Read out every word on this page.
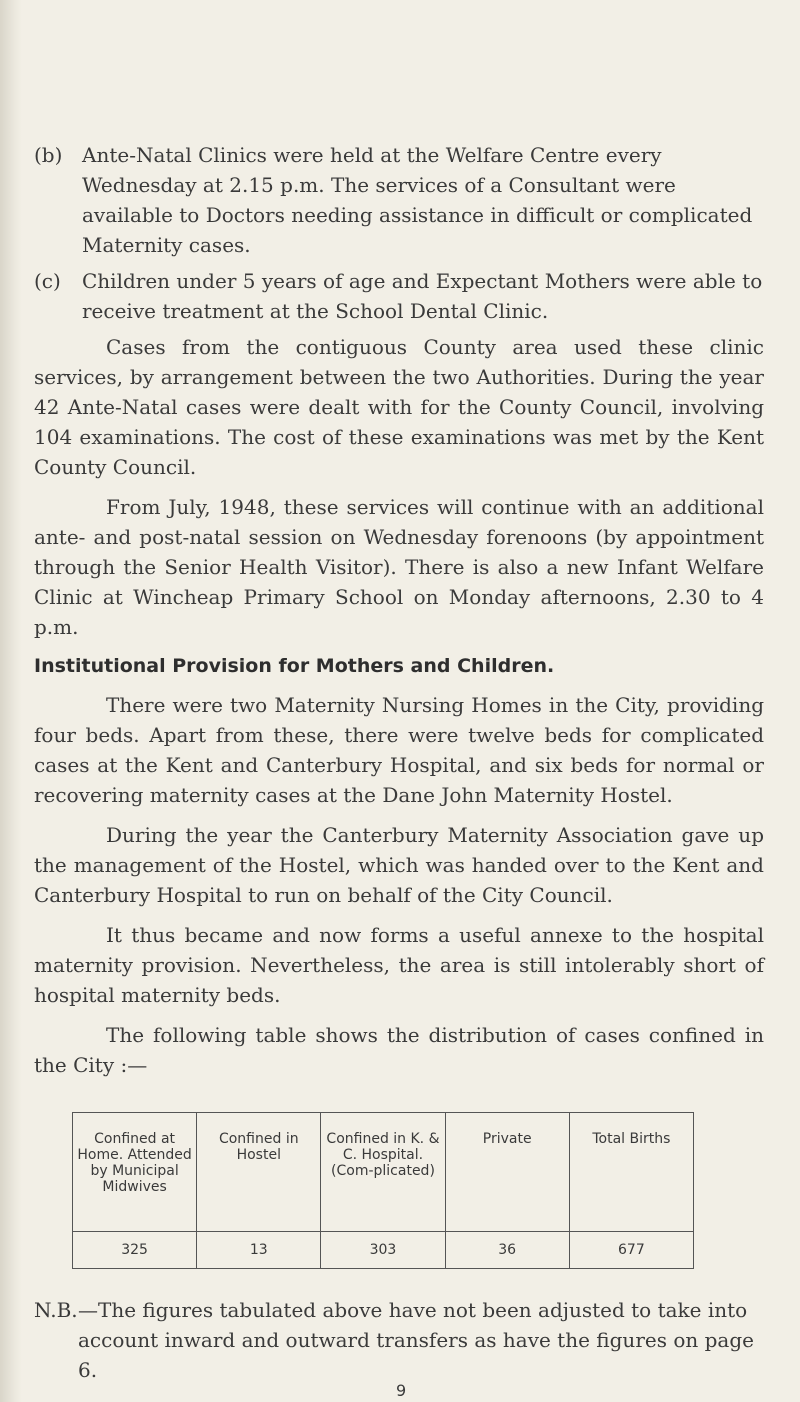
(b) Ante-Natal Clinics were held at the Welfare Centre every Wednesday at 2.15 p.m. The services of a Consultant were available to Doctors needing assistance in difficult or complicated Maternity cases.
(c) Children under 5 years of age and Expectant Mothers were able to receive treatment at the School Dental Clinic.

Cases from the contiguous County area used these clinic services, by arrangement between the two Authorities. During the year 42 Ante-Natal cases were dealt with for the County Council, involving 104 examinations. The cost of these examinations was met by the Kent County Council.

From July, 1948, these services will continue with an additional ante- and post-natal session on Wednesday forenoons (by appointment through the Senior Health Visitor). There is also a new Infant Welfare Clinic at Wincheap Primary School on Monday afternoons, 2.30 to 4 p.m.

Institutional Provision for Mothers and Children.

There were two Maternity Nursing Homes in the City, providing four beds. Apart from these, there were twelve beds for complicated cases at the Kent and Canterbury Hospital, and six beds for normal or recovering maternity cases at the Dane John Maternity Hostel.

During the year the Canterbury Maternity Association gave up the management of the Hostel, which was handed over to the Kent and Canterbury Hospital to run on behalf of the City Council.

It thus became and now forms a useful annexe to the hospital maternity provision. Nevertheless, the area is still intolerably short of hospital maternity beds.

The following table shows the distribution of cases confined in the City :—

Confined at Home. Attended by Municipal Midwives	Confined in Hostel	Confined in K. & C. Hospital. (Com-plicated)	Private	Total Births
325	13	303	36	677
N.B. —The figures tabulated above have not been adjusted to take into account inward and outward transfers as have the figures on page 6.
9
